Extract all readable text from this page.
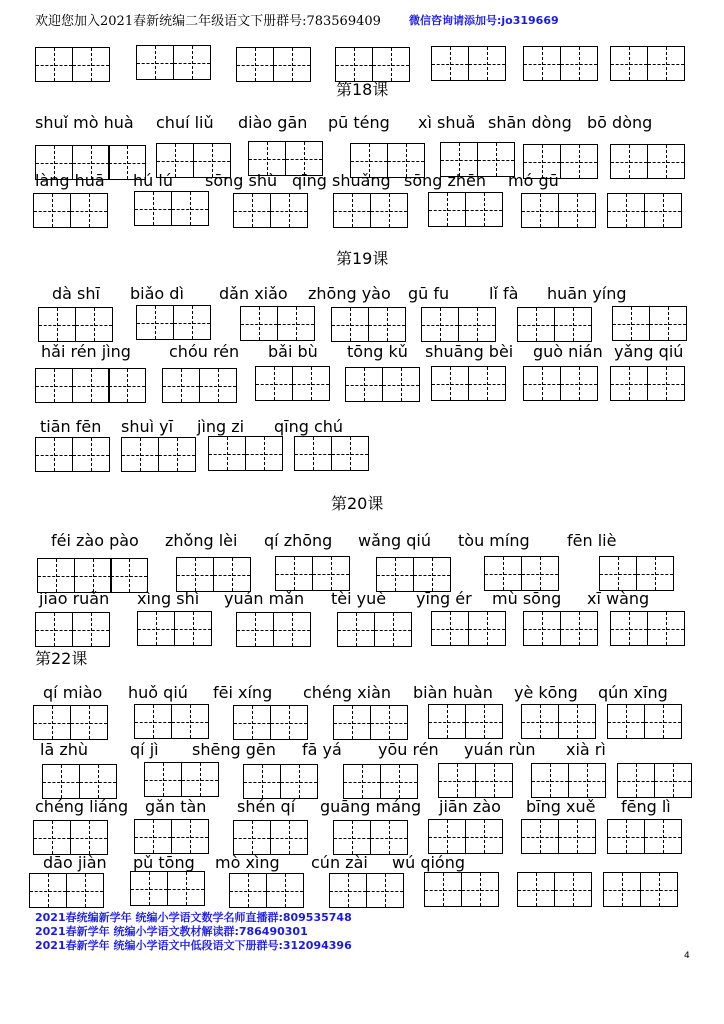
欢迎您加入2021春新统编二年级语文下册群号:783569409	微信咨询请添加号:jo319669
第18课
shuǐ mò huà chuí liǔ diào gān pū téng xì shuǎ shān dòng bō dòng
làng huā hú lú sōng shù qīng shuǎng sōng zhēn mó gū
第19课
dà shī biǎo dì dǎn xiǎo zhōng yào gū fu lǐ fà huān yíng
hǎi rén jìng chóu rén bǎi bù tōng kǔ shuāng bèi guò nián yǎng qiú
tiān fēn shuì yī jìng zi qīng chú
第20课
féi zào pào zhǒng lèi qí zhōng wǎng qiú tòu míng fēn liè
jiāo ruǎn xìng shì yuán mǎn tèi yuè yīng ér mù sōng xī wàng
第22课
qí miào huǒ qiú fēi xíng chéng xiàn biàn huàn yè kōng qún xīng
lā zhù	qí jì shēng gēn fā yá yōu rén yuán rùn xià rì
chéng liáng gǎn tàn shén qí guāng máng jiān zào bīng xuě fēng lì
dāo jiàn pǔ tōng mò xìng cún zài wú qióng
2021春统编新学年 统编小学语文数学名师直播群:809535748
2021春新学年 统编小学语文教材解读群:786490301
2021春新学年 统编小学语文中低段语文下册群号:312094396
4
